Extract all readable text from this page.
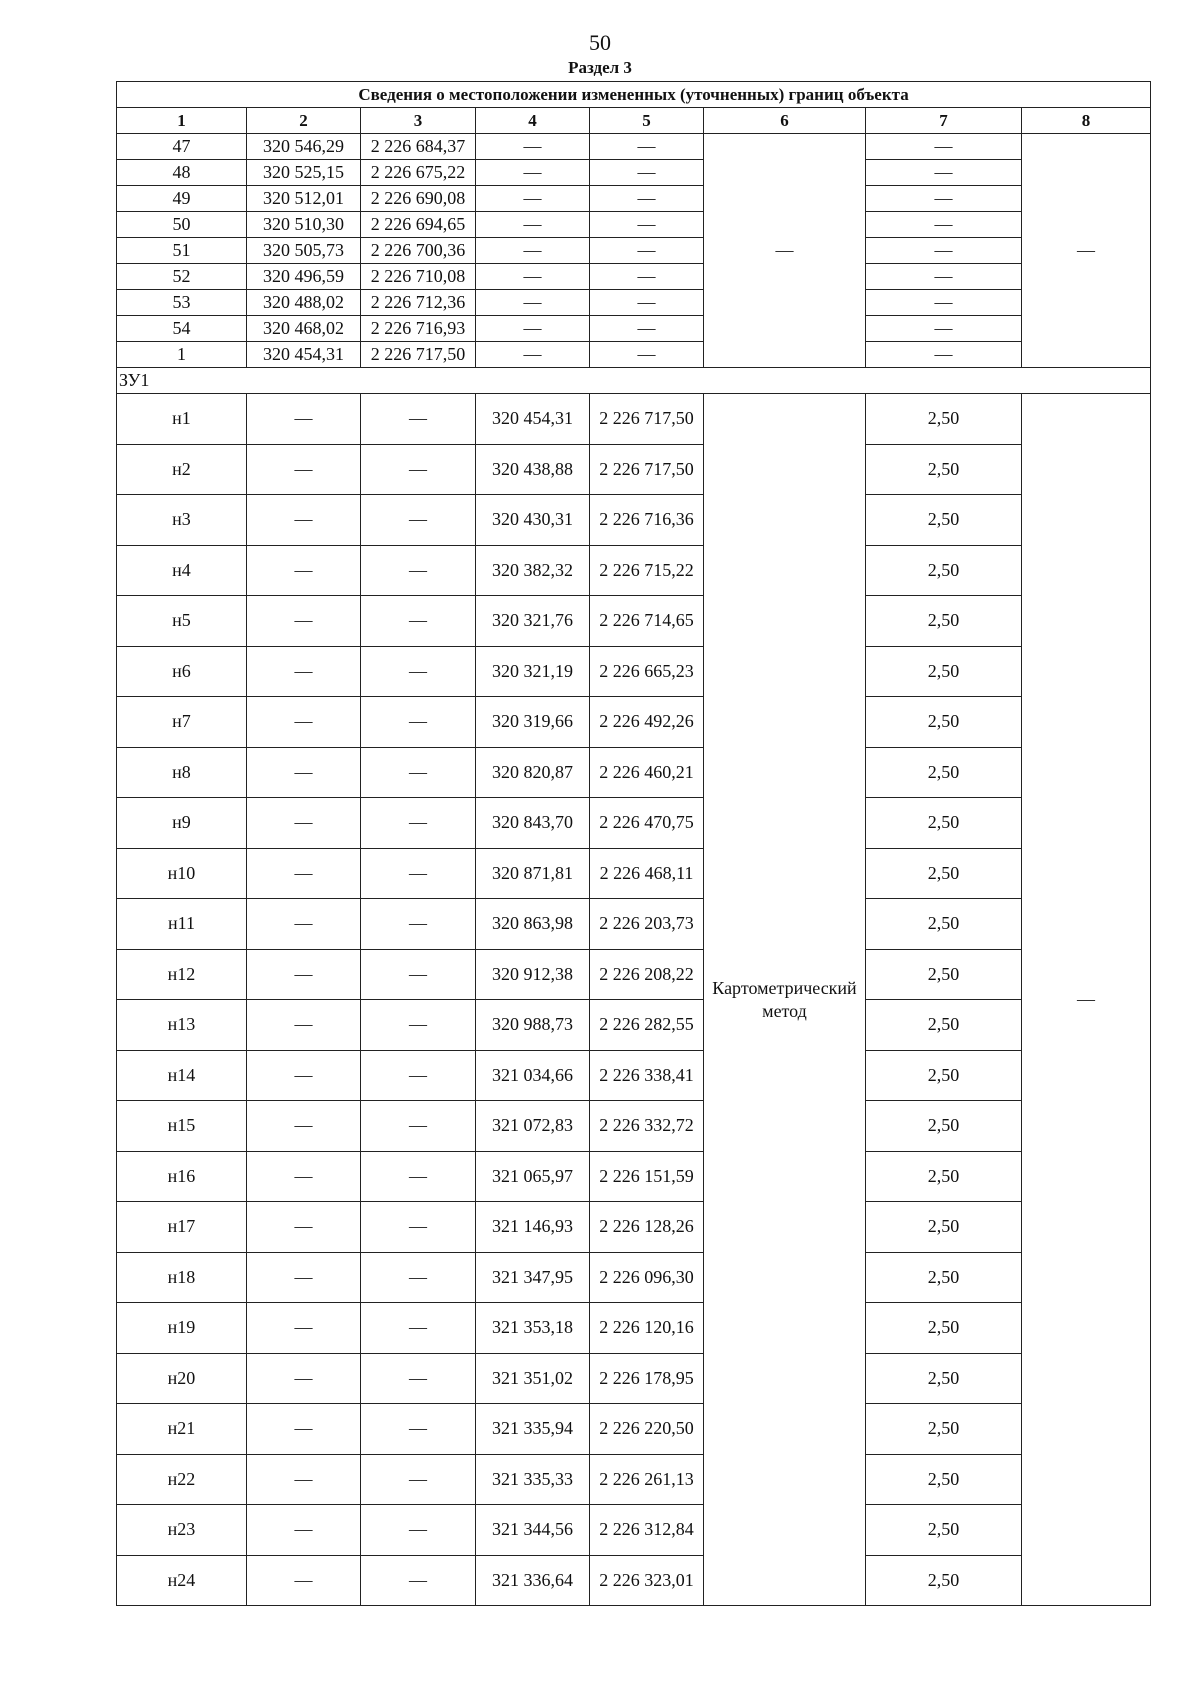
50
Раздел 3
Сведения о местоположении измененных (уточненных) границ объекта							
1	2	3	4	5	6	7	8
47	320 546,29	2 226 684,37	—	—	—	—	—
48	320 525,15	2 226 675,22	—	—		—	
49	320 512,01	2 226 690,08	—	—		—	
50	320 510,30	2 226 694,65	—	—		—	
51	320 505,73	2 226 700,36	—	—		—	
52	320 496,59	2 226 710,08	—	—		—	
53	320 488,02	2 226 712,36	—	—		—	
54	320 468,02	2 226 716,93	—	—		—	
1	320 454,31	2 226 717,50	—	—		—	
ЗУ1							
н1	—	—	320 454,31	2 226 717,50	Картометрический метод	2,50	—
н2	—	—	320 438,88	2 226 717,50		2,50	
н3	—	—	320 430,31	2 226 716,36		2,50	
н4	—	—	320 382,32	2 226 715,22		2,50	
н5	—	—	320 321,76	2 226 714,65		2,50	
н6	—	—	320 321,19	2 226 665,23		2,50	
н7	—	—	320 319,66	2 226 492,26		2,50	
н8	—	—	320 820,87	2 226 460,21		2,50	
н9	—	—	320 843,70	2 226 470,75		2,50	
н10	—	—	320 871,81	2 226 468,11		2,50	
н11	—	—	320 863,98	2 226 203,73		2,50	
н12	—	—	320 912,38	2 226 208,22		2,50	
н13	—	—	320 988,73	2 226 282,55		2,50	
н14	—	—	321 034,66	2 226 338,41		2,50	
н15	—	—	321 072,83	2 226 332,72		2,50	
н16	—	—	321 065,97	2 226 151,59		2,50	
н17	—	—	321 146,93	2 226 128,26		2,50	
н18	—	—	321 347,95	2 226 096,30		2,50	
н19	—	—	321 353,18	2 226 120,16		2,50	
н20	—	—	321 351,02	2 226 178,95		2,50	
н21	—	—	321 335,94	2 226 220,50		2,50	
н22	—	—	321 335,33	2 226 261,13		2,50	
н23	—	—	321 344,56	2 226 312,84		2,50	
н24	—	—	321 336,64	2 226 323,01		2,50	
